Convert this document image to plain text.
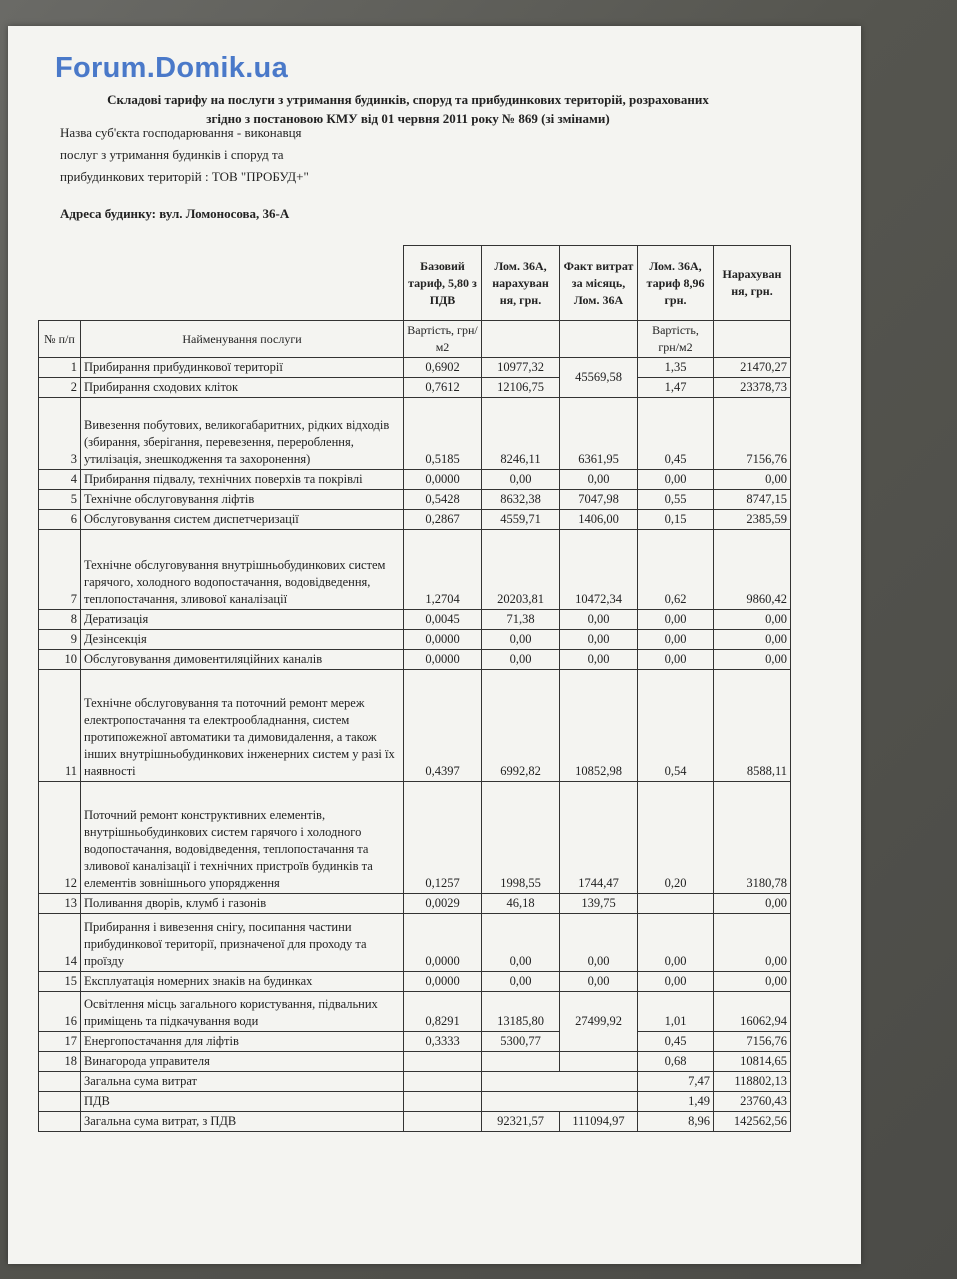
Forum.Domik.ua
Складові тарифу на послуги з утримання будинків, споруд та прибудинкових територій, розрахованих
згідно з постановою КМУ від 01 червня 2011 року № 869 (зі змінами)
Назва суб'єкта господарювання - виконавця
послуг з утримання будинків і споруд та
прибудинкових територій : ТОВ "ПРОБУД+"
Адреса будинку: вул. Ломоносова, 36-А
		Базовий тариф, 5,80 з ПДВ	Лом. 36А, нарахуван ня, грн.	Факт витрат за місяць, Лом. 36А	Лом. 36А, тариф 8,96 грн.	Нарахуван ня, грн.
№ п/п	Найменування послуги	Вартість, грн/м2			Вартість, грн/м2	
1	Прибирання прибудинкової території	0,6902	10977,32	45569,58	1,35	21470,27
2	Прибирання сходових кліток	0,7612	12106,75		1,47	23378,73
3	Вивезення побутових, великогабаритних, рідких відходів (збирання, зберігання, перевезення, перероблення, утилізація, знешкодження та захоронення)	0,5185	8246,11	6361,95	0,45	7156,76
4	Прибирання підвалу, технічних поверхів та покрівлі	0,0000	0,00	0,00	0,00	0,00
5	Технічне обслуговування ліфтів	0,5428	8632,38	7047,98	0,55	8747,15
6	Обслуговування систем диспетчеризації	0,2867	4559,71	1406,00	0,15	2385,59
7	Технічне обслуговування внутрішньобудинкових систем гарячого, холодного водопостачання, водовідведення, теплопостачання, зливової каналізації	1,2704	20203,81	10472,34	0,62	9860,42
8	Дератизація	0,0045	71,38	0,00	0,00	0,00
9	Дезінсекція	0,0000	0,00	0,00	0,00	0,00
10	Обслуговування димовентиляційних каналів	0,0000	0,00	0,00	0,00	0,00
11	Технічне обслуговування та поточний ремонт мереж електропостачання та електрообладнання, систем протипожежної автоматики та димовидалення, а також інших внутрішньобудинкових інженерних систем у разі їх наявності	0,4397	6992,82	10852,98	0,54	8588,11
12	Поточний ремонт конструктивних елементів, внутрішньобудинкових систем гарячого і холодного водопостачання, водовідведення, теплопостачання та зливової каналізації і технічних пристроїв будинків та елементів зовнішнього упорядження	0,1257	1998,55	1744,47	0,20	3180,78
13	Поливання дворів, клумб і газонів	0,0029	46,18	139,75		0,00
14	Прибирання і вивезення снігу, посипання частини прибудинкової території, призначеної для проходу та проїзду	0,0000	0,00	0,00	0,00	0,00
15	Експлуатація номерних знаків на будинках	0,0000	0,00	0,00	0,00	0,00
16	Освітлення місць загального користування, підвальних приміщень та підкачування води	0,8291	13185,80	27499,92	1,01	16062,94
17	Енергопостачання для ліфтів	0,3333	5300,77		0,45	7156,76
18	Винагорода управителя				0,68	10814,65
	Загальна сума витрат				7,47	118802,13
	ПДВ				1,49	23760,43
	Загальна сума витрат, з ПДВ		92321,57	111094,97	8,96	142562,56
